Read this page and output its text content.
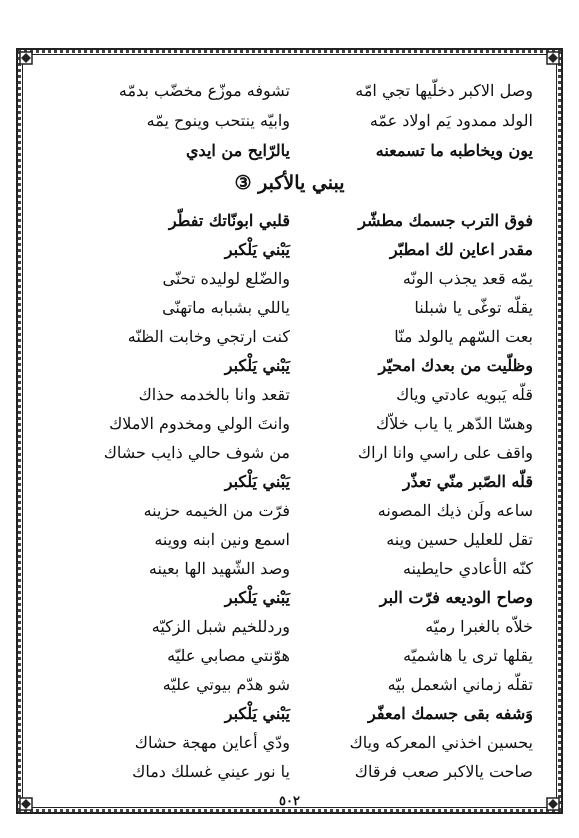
وصل الاكبر دخلّيها تجي امّه
تشوفه موزّع مخضّب بدمّه
الولد ممدود يَم اولاد عمّه
وابيّه ينتحب وينوح يمّه
يون ويخاطبه ما تسمعنه
يالرّايح من ايدي
يبني يالأكبر ③
فوق الترب جسمك مطشّر
قلبي ابونّاتك تفطّر
مقدر اعاين لك امطبّر
يَبْني يَلْكبر
يمّه قعد يجذب الونّه
والضّلع لوليده تحنّى
يقلّه توغّى يا شبلنا
ياللي بشبابه ماتهنّى
بعت السّهم يالولد منّا
كنت ارتجي وخابت الظنّه
وظلّيت من بعدك امحيّر
يَبْني يَلْكبر
قلّه يَبويه عادتي وياك
تقعد وانا بالخدمه حذاك
وهسّا الدّهر يا ياب خلاّك
وانتَ الولي ومخدوم الاملاك
واقف على راسي وانا اراك
من شوف حالي ذايب حشاك
قلّه الصّبر منّي تعذّر
يَبْني يَلْكبر
ساعه ولَن ذيك المصونه
فرّت من الخيمه حزينه
تقل للعليل حسين وينه
اسمع ونين ابنه ووينه
كنّه الأعادي حايطينه
وصد الشّهيد الها بعينه
وصاح الوديعه فرّت البر
يَبْني يَلْكبر
خلاّه بالغبرا رميّه
وردللخيم شبل الزكيّه
يقلها ترى يا هاشميّه
هوّنتي مصابي عليّه
تقلّه زماني اشعمل بيّه
شو هدّم بيوتي عليّه
وَشفه بقى جسمك امعفّر
يَبْني يَلْكبر
يحسين اخذني المعركه وياك
ودّي أعاين مهجة حشاك
صاحت يالاكبر صعب فرقاك
يا نور عيني غسلك دماك
٥٠٢
